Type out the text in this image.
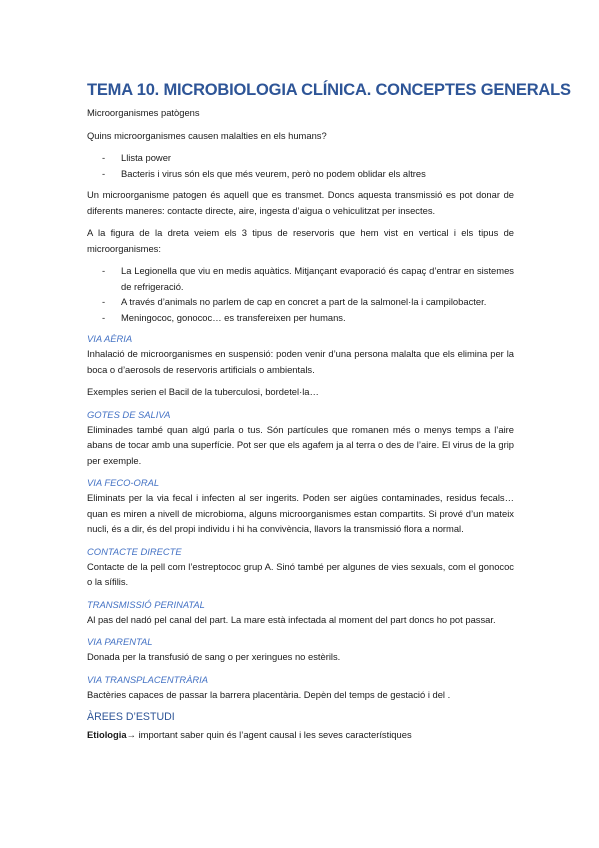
TEMA 10. MICROBIOLOGIA CLÍNICA. CONCEPTES GENERALS

Microorganismes patògens

Quins microorganismes causen malalties en els humans?

- Llista power
- Bacteris i virus són els que més veurem, però no podem oblidar els altres

Un microorganisme patogen és aquell que es transmet. Doncs aquesta transmissió es pot donar de diferents maneres: contacte directe, aire, ingesta d’aigua o vehiculitzat per insectes.

A la figura de la dreta veiem els 3 tipus de reservoris que hem vist en vertical i els tipus de microorganismes:

- La Legionella que viu en medis aquàtics. Mitjançant evaporació és capaç d’entrar en sistemes de refrigeració.
- A través d’animals no parlem de cap en concret a part de la salmonel·la i campilobacter.
- Meningococ, gonococ… es transfereixen per humans.
VIA AÈRIA

Inhalació de microorganismes en suspensió: poden venir d’una persona malalta que els elimina per la boca o d’aerosols de reservoris artificials o ambientals.

Exemples serien el Bacil de la tuberculosi, bordetel·la…

GOTES DE SALIVA

Eliminades també quan algú parla o tus. Són partícules que romanen més o menys temps a l’aire abans de tocar amb una superfície. Pot ser que els agafem ja al terra o des de l’aire. El virus de la grip per exemple.

VIA FECO-ORAL

Eliminats per la via fecal i infecten al ser ingerits. Poden ser aigües contaminades, residus fecals… quan es miren a nivell de microbioma, alguns microorganismes estan compartits. Si prové d’un mateix nucli, és a dir, és del propi individu i hi ha convivència, llavors la transmissió flora a normal.

CONTACTE DIRECTE

Contacte de la pell com l’estreptococ grup A. Sinó també per algunes de vies sexuals, com el gonococ o la sífilis.

TRANSMISSIÓ PERINATAL

Al pas del nadó pel canal del part. La mare està infectada al moment del part doncs ho pot passar.

VIA PARENTAL

Donada per la transfusió de sang o per xeringues no estèrils.

VIA TRANSPLACENTRÀRIA

Bactèries capaces de passar la barrera placentària. Depèn del temps de gestació i del .

ÀREES D’ESTUDI

Etiologia→ important saber quin és l’agent causal i les seves característiques
